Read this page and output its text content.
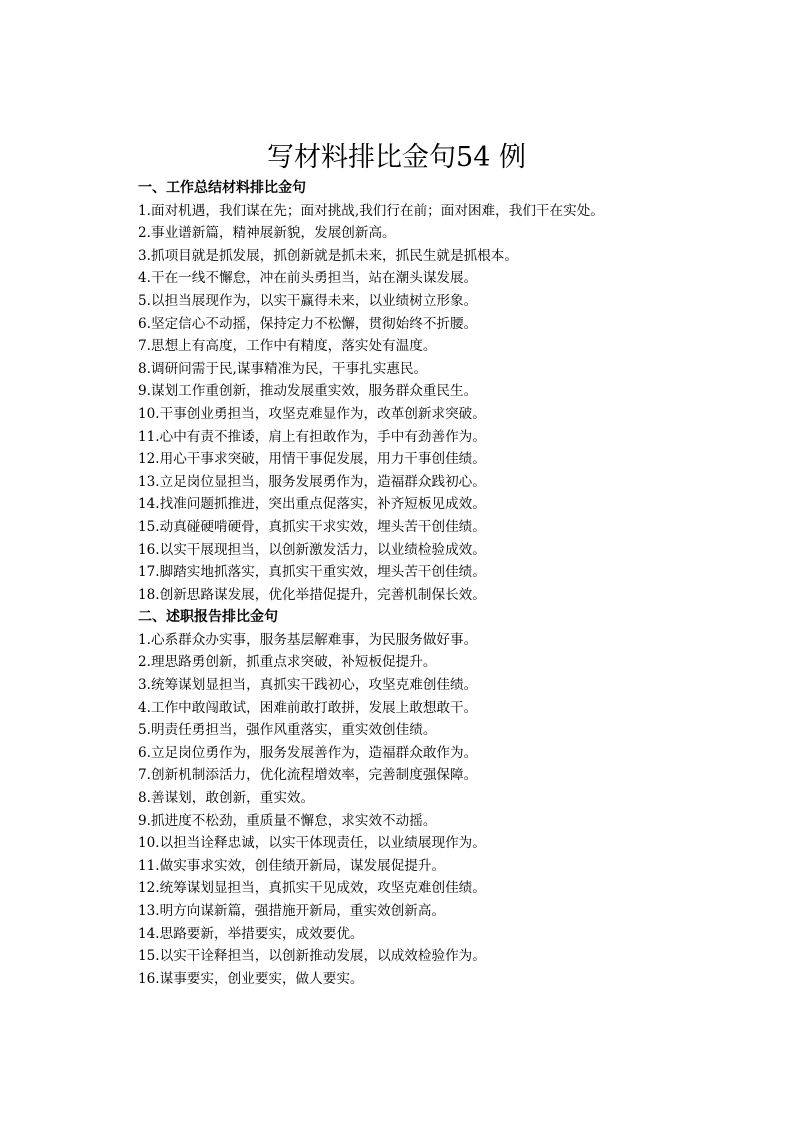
写材料排比金句54 例
一、工作总结材料排比金句
1.面对机遇，我们谋在先；面对挑战,我们行在前；面对困难，我们干在实处。
2.事业谱新篇，精神展新貌，发展创新高。
3.抓项目就是抓发展，抓创新就是抓未来，抓民生就是抓根本。
4.干在一线不懈怠，冲在前头勇担当，站在潮头谋发展。
5.以担当展现作为，以实干赢得未来，以业绩树立形象。
6.坚定信心不动摇，保持定力不松懈，贯彻始终不折腰。
7.思想上有高度，工作中有精度，落实处有温度。
8.调研问需于民,谋事精准为民，干事扎实惠民。
9.谋划工作重创新，推动发展重实效，服务群众重民生。
10.干事创业勇担当，攻坚克难显作为，改革创新求突破。
11.心中有责不推诿，肩上有担敢作为，手中有劲善作为。
12.用心干事求突破，用情干事促发展，用力干事创佳绩。
13.立足岗位显担当，服务发展勇作为，造福群众践初心。
14.找准问题抓推进，突出重点促落实，补齐短板见成效。
15.动真碰硬啃硬骨，真抓实干求实效，埋头苦干创佳绩。
16.以实干展现担当，以创新激发活力，以业绩检验成效。
17.脚踏实地抓落实，真抓实干重实效，埋头苦干创佳绩。
18.创新思路谋发展，优化举措促提升，完善机制保长效。
二、述职报告排比金句
1.心系群众办实事，服务基层解难事，为民服务做好事。
2.理思路勇创新，抓重点求突破，补短板促提升。
3.统筹谋划显担当，真抓实干践初心，攻坚克难创佳绩。
4.工作中敢闯敢试，困难前敢打敢拼，发展上敢想敢干。
5.明责任勇担当，强作风重落实，重实效创佳绩。
6.立足岗位勇作为，服务发展善作为，造福群众敢作为。
7.创新机制添活力，优化流程增效率，完善制度强保障。
8.善谋划，敢创新，重实效。
9.抓进度不松劲，重质量不懈怠，求实效不动摇。
10.以担当诠释忠诚，以实干体现责任，以业绩展现作为。
11.做实事求实效，创佳绩开新局，谋发展促提升。
12.统筹谋划显担当，真抓实干见成效，攻坚克难创佳绩。
13.明方向谋新篇，强措施开新局，重实效创新高。
14.思路要新，举措要实，成效要优。
15.以实干诠释担当，以创新推动发展，以成效检验作为。
16.谋事要实，创业要实，做人要实。
